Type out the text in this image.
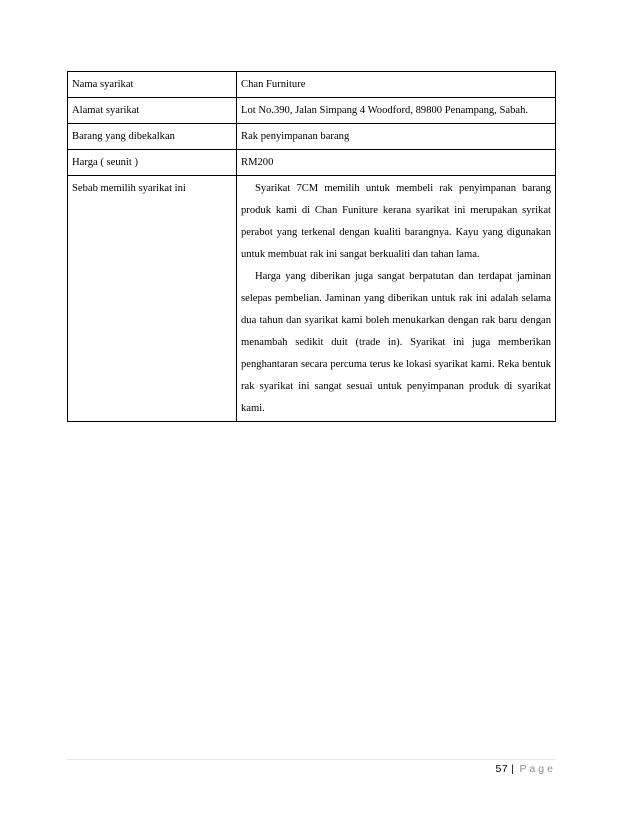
Nama syarikat	Chan Furniture
Alamat syarikat	Lot No.390, Jalan Simpang 4 Woodford, 89800 Penampang, Sabah.
Barang yang dibekalkan	Rak penyimpanan barang
Harga ( seunit )	RM200
Sebab memilih syarikat ini	Syarikat 7CM memilih untuk membeli rak penyimpanan barang produk kami di Chan Funiture kerana syarikat ini merupakan syrikat perabot yang terkenal dengan kualiti barangnya. Kayu yang digunakan untuk membuat rak ini sangat berkualiti dan tahan lama.
Harga yang diberikan juga sangat berpatutan dan terdapat jaminan selepas pembelian. Jaminan yang diberikan untuk rak ini adalah selama dua tahun dan syarikat kami boleh menukarkan dengan rak baru dengan menambah sedikit duit (trade in). Syarikat ini juga memberikan penghantaran secara percuma terus ke lokasi syarikat kami. Reka bentuk rak syarikat ini sangat sesuai untuk penyimpanan produk di syarikat kami.
57 | Page
